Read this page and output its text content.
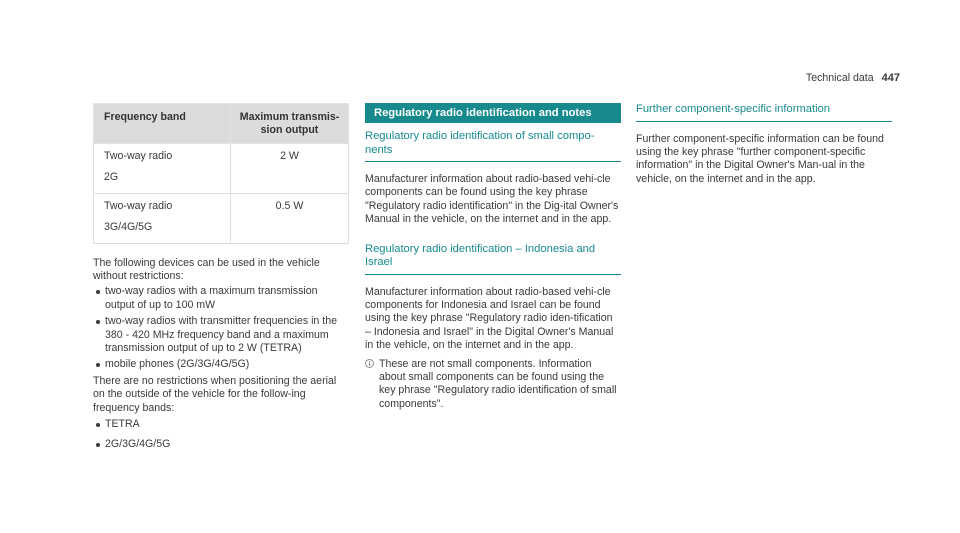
Technical data 447
Frequency band	Maximum transmis-
sion output

Two-way radio
2G	2 W

Two-way radio
3G/4G/5G	0.5 W

The following devices can be used in the vehicle without restrictions:

two-way radios with a maximum transmission output of up to 100 mW
two-way radios with transmitter frequencies in the 380 - 420 MHz frequency band and a maximum transmission output of up to 2 W (TETRA)
mobile phones (2G/3G/4G/5G)

There are no restrictions when positioning the aerial on the outside of the vehicle for the follow-ing frequency bands:

TETRA
2G/3G/4G/5G
Regulatory radio identification and notes
Regulatory radio identification of small compo-nents

Manufacturer information about radio-based vehi-cle components can be found using the key phrase "Regulatory radio identification" in the Dig-ital Owner's Manual in the vehicle, on the internet and in the app.

Regulatory radio identification – Indonesia and Israel

Manufacturer information about radio-based vehi-cle components for Indonesia and Israel can be found using the key phrase "Regulatory radio iden-tification – Indonesia and Israel" in the Digital Owner's Manual in the vehicle, on the internet and in the app.

These are not small components. Information about small components can be found using the key phrase "Regulatory radio identification of small components".
Further component-specific information

Further component-specific information can be found using the key phrase "further component-specific information" in the Digital Owner's Man-ual in the vehicle, on the internet and in the app.
